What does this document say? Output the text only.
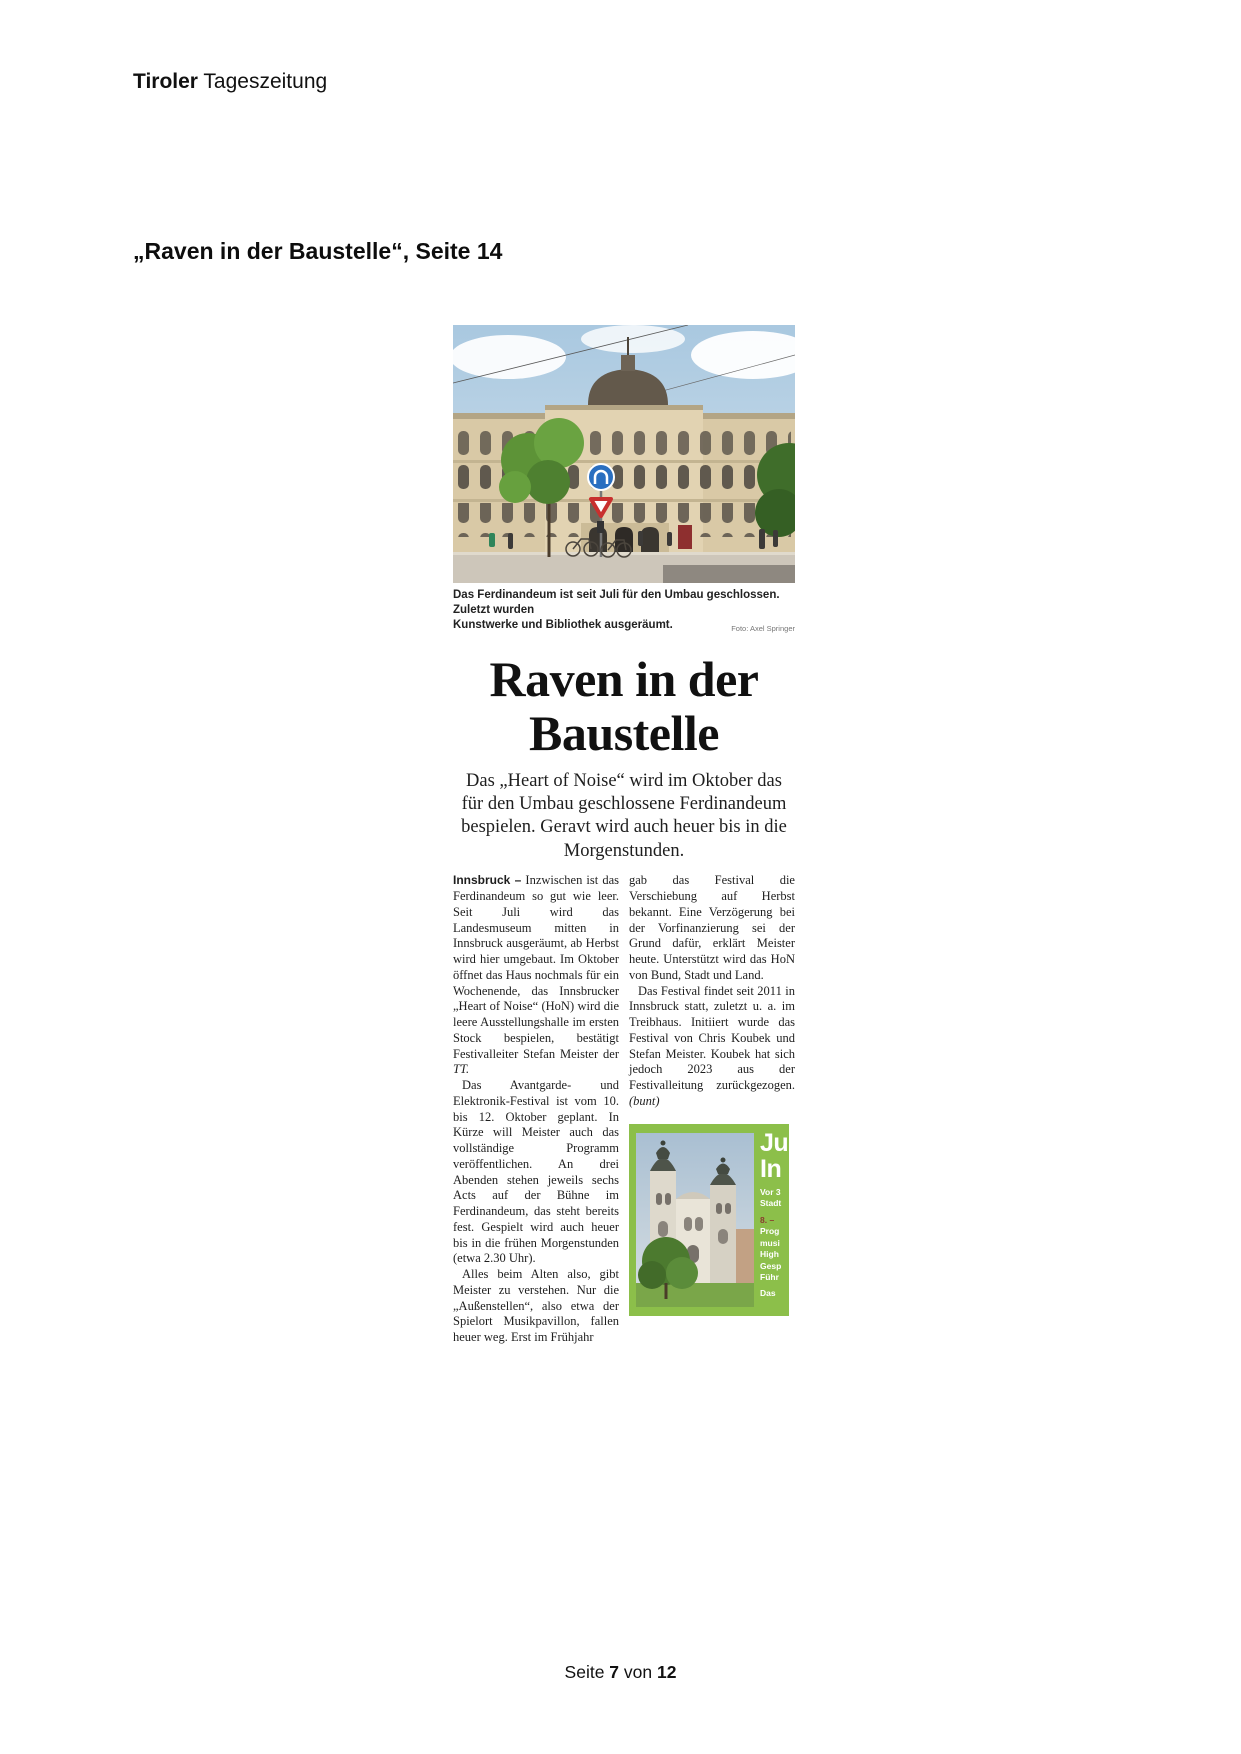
Tiroler Tageszeitung
„Raven in der Baustelle“, Seite 14
Das Ferdinandeum ist seit Juli für den Umbau geschlossen. Zuletzt wurden
Kunstwerke und Bibliothek ausgeräumt.	Foto: Axel Springer
Raven in der
Baustelle
Das „Heart of Noise“ wird im Oktober das für den Umbau geschlossene Ferdinandeum bespielen. Geravt wird auch heuer bis in die Morgenstunden.

Innsbruck – Inzwischen ist das Ferdinandeum so gut wie leer. Seit Juli wird das Landesmuseum mitten in Innsbruck ausgeräumt, ab Herbst wird hier umgebaut. Im Oktober öffnet das Haus nochmals für ein Wochenende, das Innsbrucker „Heart of Noise“ (HoN) wird die leere Ausstellungshalle im ersten Stock bespielen, bestätigt Festivalleiter Stefan Meister der TT.

Das Avantgarde- und Elektronik-Festival ist vom 10. bis 12. Oktober geplant. In Kürze will Meister auch das vollständige Programm veröffentlichen. An drei Abenden stehen jeweils sechs Acts auf der Bühne im Ferdinandeum, das steht bereits fest. Gespielt wird auch heuer bis in die frühen Morgenstunden (etwa 2.30 Uhr).

Alles beim Alten also, gibt Meister zu verstehen. Nur die „Außenstellen“, also etwa der Spielort Musikpavillon, fallen heuer weg. Erst im Frühjahr

gab das Festival die Verschiebung auf Herbst bekannt. Eine Verzögerung bei der Vorfinanzierung sei der Grund dafür, erklärt Meister heute. Unterstützt wird das HoN von Bund, Stadt und Land.

Das Festival findet seit 2011 in Innsbruck statt, zuletzt u. a. im Treibhaus. Initiiert wurde das Festival von Chris Koubek und Stefan Meister. Koubek hat sich jedoch 2023 aus der Festivalleitung zurückgezogen. (bunt)

Ju
In
Vor 3
Stadt
8. –
Prog
musi
High
Gesp
Führ
Das
Seite 7 von 12
